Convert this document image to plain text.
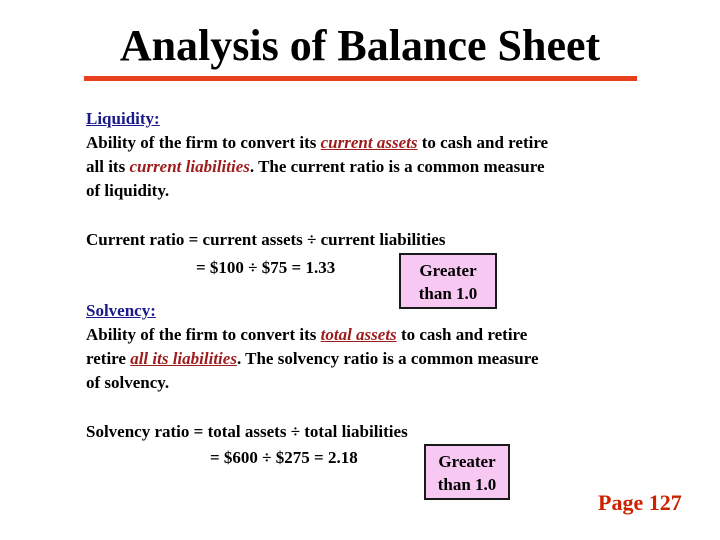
Analysis of Balance Sheet

Liquidity:

Ability of the firm to convert its current assets to cash and retire

all its current liabilities. The current ratio is a common measure

of liquidity.

Current ratio = current assets ÷ current liabilities

= $100 ÷ $75 = 1.33	Greater
than 1.0

Solvency:

Ability of the firm to convert its total assets to cash and retire

retire all its liabilities. The solvency ratio is a common measure

of solvency.

Solvency ratio = total assets ÷ total liabilities

= $600 ÷ $275 = 2.18	Greater
than 1.0
Page 127
